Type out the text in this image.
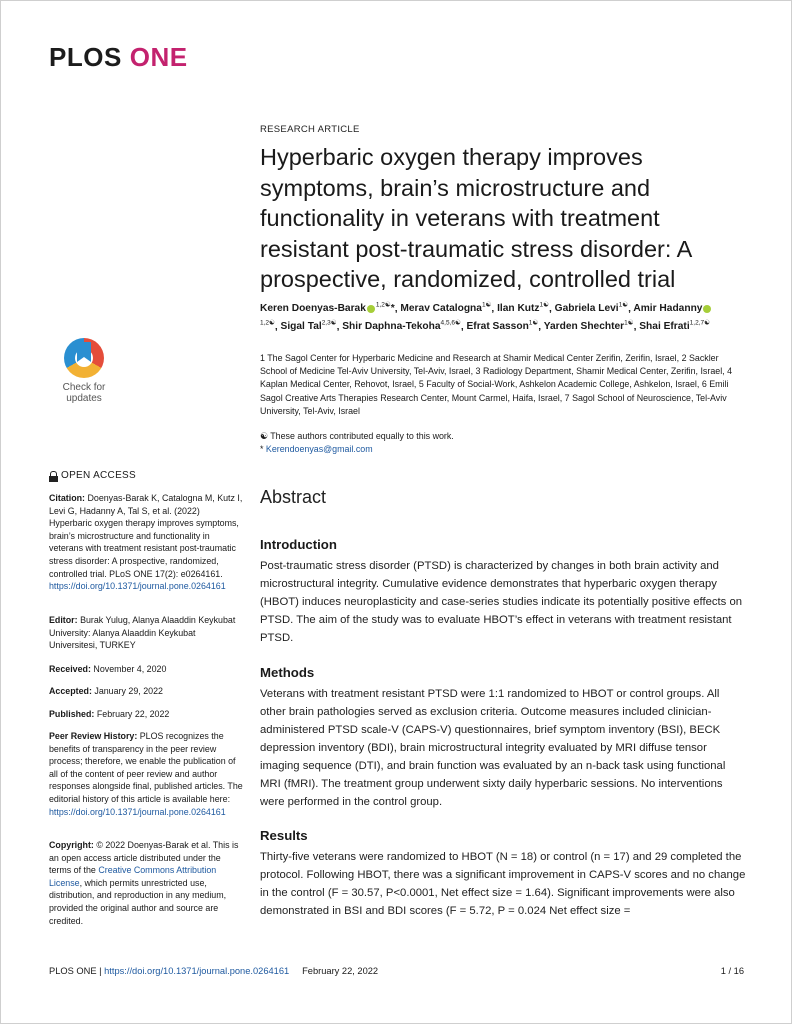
PLOS ONE
Check for
updates
OPEN ACCESS
Citation: Doenyas-Barak K, Catalogna M, Kutz I, Levi G, Hadanny A, Tal S, et al. (2022) Hyperbaric oxygen therapy improves symptoms, brain’s microstructure and functionality in veterans with treatment resistant post-traumatic stress disorder: A prospective, randomized, controlled trial. PLoS ONE 17(2): e0264161. https://doi.org/10.1371/journal.pone.0264161
Editor: Burak Yulug, Alanya Alaaddin Keykubat University: Alanya Alaaddin Keykubat Universitesi, TURKEY
Received: November 4, 2020
Accepted: January 29, 2022
Published: February 22, 2022
Peer Review History: PLOS recognizes the benefits of transparency in the peer review process; therefore, we enable the publication of all of the content of peer review and author responses alongside final, published articles. The editorial history of this article is available here: https://doi.org/10.1371/journal.pone.0264161
Copyright: © 2022 Doenyas-Barak et al. This is an open access article distributed under the terms of the Creative Commons Attribution License, which permits unrestricted use, distribution, and reproduction in any medium, provided the original author and source are credited.
RESEARCH ARTICLE
Hyperbaric oxygen therapy improves symptoms, brain’s microstructure and functionality in veterans with treatment resistant post-traumatic stress disorder: A prospective, randomized, controlled trial
Keren Doenyas-Barak $^{1,2☯}$*, Merav Catalogna$^{1☯}$, Ilan Kutz$^{1☯}$, Gabriela Levi$^{1☯}$, Amir Hadanny$^{1,2☯}$, Sigal Tal$^{2,3☯}$, Shir Daphna-Tekoha$^{4,5,6☯}$, Efrat Sasson$^{1☯}$, Yarden Shechter$^{1☯}$, Shai Efrati$^{1,2,7☯}$
1 The Sagol Center for Hyperbaric Medicine and Research at Shamir Medical Center Zerifin, Zerifin, Israel, 2 Sackler School of Medicine Tel-Aviv University, Tel-Aviv, Israel, 3 Radiology Department, Shamir Medical Center, Zerifin, Israel, 4 Kaplan Medical Center, Rehovot, Israel, 5 Faculty of Social-Work, Ashkelon Academic College, Ashkelon, Israel, 6 Emili Sagol Creative Arts Therapies Research Center, Mount Carmel, Haifa, Israel, 7 Sagol School of Neuroscience, Tel-Aviv University, Tel-Aviv, Israel
☯ These authors contributed equally to this work.
* Kerendoenyas@gmail.com
Abstract
Introduction

Post-traumatic stress disorder (PTSD) is characterized by changes in both brain activity and microstructural integrity. Cumulative evidence demonstrates that hyperbaric oxygen therapy (HBOT) induces neuroplasticity and case-series studies indicate its potentially positive effects on PTSD. The aim of the study was to evaluate HBOT’s effect in veterans with treatment resistant PTSD.

Methods

Veterans with treatment resistant PTSD were 1:1 randomized to HBOT or control groups. All other brain pathologies served as exclusion criteria. Outcome measures included clinician-administered PTSD scale-V (CAPS-V) questionnaires, brief symptom inventory (BSI), BECK depression inventory (BDI), brain microstructural integrity evaluated by MRI diffuse tensor imaging sequence (DTI), and brain function was evaluated by an n-back task using functional MRI (fMRI). The treatment group underwent sixty daily hyperbaric sessions. No interventions were performed in the control group.

Results

Thirty-five veterans were randomized to HBOT (N = 18) or control (n = 17) and 29 completed the protocol. Following HBOT, there was a significant improvement in CAPS-V scores and no change in the control (F = 30.57, P<0.0001, Net effect size = 1.64). Significant improvements were also demonstrated in BSI and BDI scores (F = 5.72, P = 0.024 Net effect size =

PLOS ONE | https://doi.org/10.1371/journal.pone.0264161 February 22, 2022	1 / 16
